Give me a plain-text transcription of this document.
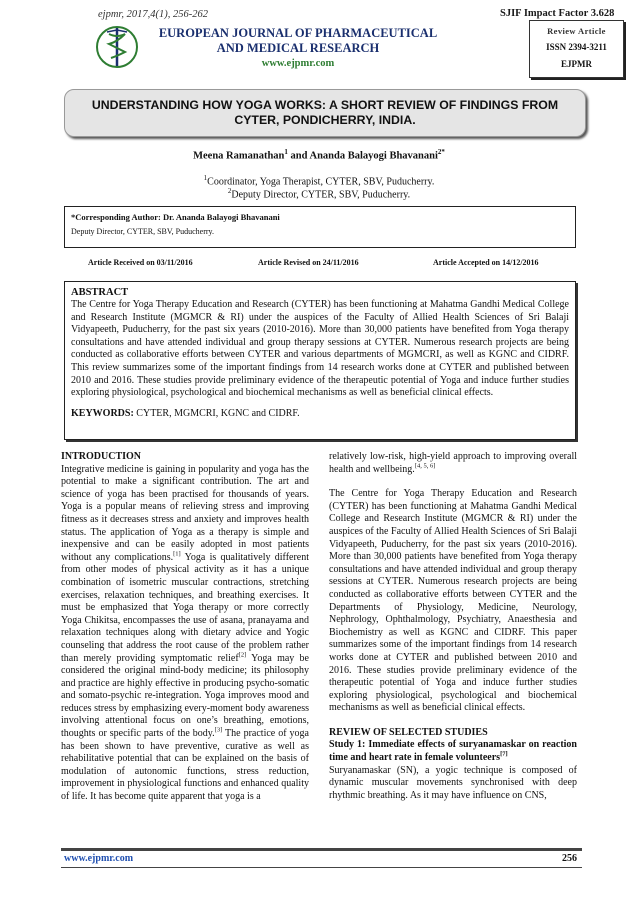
ejpmr, 2017,4(1), 256-262	SJIF Impact Factor 3.628
EUROPEAN JOURNAL OF PHARMACEUTICAL
AND MEDICAL RESEARCH
www.ejpmr.com
Review Article
ISSN 2394-3211
EJPMR
UNDERSTANDING HOW YOGA WORKS: A SHORT REVIEW OF FINDINGS FROM
CYTER, PONDICHERRY, INDIA.
Meena Ramanathan$^1$ and Ananda Balayogi Bhavanani$^{2*}$
$^1$Coordinator, Yoga Therapist, CYTER, SBV, Puducherry.
$^2$Deputy Director, CYTER, SBV, Puducherry.
*Corresponding Author: Dr. Ananda Balayogi Bhavanani
Deputy Director, CYTER, SBV, Puducherry.
Article Received on 03/11/2016	Article Revised on 24/11/2016	Article Accepted on 14/12/2016
ABSTRACT
The Centre for Yoga Therapy Education and Research (CYTER) has been functioning at Mahatma Gandhi Medical College and Research Institute (MGMCR & RI) under the auspices of the Faculty of Allied Health Sciences of Sri Balaji Vidyapeeth, Puducherry, for the past six years (2010-2016). More than 30,000 patients have benefited from Yoga therapy consultations and have attended individual and group therapy sessions at CYTER. Numerous research projects are being conducted as collaborative efforts between CYTER and various departments of MGMCRI, as well as KGNC and CIDRF. This review summarizes some of the important findings from 14 research works done at CYTER and published between 2010 and 2016. These studies provide preliminary evidence of the therapeutic potential of Yoga and induce further studies exploring physiological, psychological and biochemical mechanisms as well as beneficial clinical effects.
KEYWORDS: CYTER, MGMCRI, KGNC and CIDRF.
INTRODUCTION

Integrative medicine is gaining in popularity and yoga has the potential to make a significant contribution. The art and science of yoga has been practised for thousands of years. Yoga is a popular means of relieving stress and improving fitness as it decreases stress and anxiety and improves health status. The application of Yoga as a therapy is simple and inexpensive and can be easily adopted in most patients without any complications.[1] Yoga is qualitatively different from other modes of physical activity as it has a unique combination of isometric muscular contractions, stretching exercises, relaxation techniques, and breathing exercises. It must be emphasized that Yoga therapy or more correctly Yoga Chikitsa, encompasses the use of asana, pranayama and relaxation techniques along with dietary advice and Yogic counseling that address the root cause of the problem rather than merely providing symptomatic relief[2] Yoga may be considered the original mind-body medicine; its philosophy and practice are highly effective in producing psycho-somatic and somato-psychic re-integration. Yoga improves mood and reduces stress by emphasizing every-moment body awareness involving attentional focus on one’s breathing, emotions, thoughts or specific parts of the body.[3] The practice of yoga has been shown to have preventive, curative as well as rehabilitative potential that can be explained on the basis of modulation of autonomic functions, stress reduction, improvement in physiological functions and enhanced quality of life. It has become quite apparent that yoga is a

relatively low-risk, high-yield approach to improving overall health and wellbeing.[4, 5, 6]

The Centre for Yoga Therapy Education and Research (CYTER) has been functioning at Mahatma Gandhi Medical College and Research Institute (MGMCR & RI) under the auspices of the Faculty of Allied Health Sciences of Sri Balaji Vidyapeeth, Puducherry, for the past six years (2010-2016). More than 30,000 patients have benefited from Yoga therapy consultations and have attended individual and group therapy sessions at CYTER. Numerous research projects are being conducted as collaborative efforts between CYTER and the Departments of Physiology, Medicine, Neurology, Nephrology, Ophthalmology, Psychiatry, Anaesthesia and Biochemistry as well as KGNC and CIDRF. This paper summarizes some of the important findings from 14 research works done at CYTER and published between 2010 and 2016. These studies provide preliminary evidence of the therapeutic potential of Yoga and induce further studies exploring physiological, psychological and biochemical mechanisms as well as beneficial clinical effects.

REVIEW OF SELECTED STUDIES
Study 1: Immediate effects of suryanamaskar on reaction time and heart rate in female volunteers[7]

Suryanamaskar (SN), a yogic technique is composed of dynamic muscular movements synchronised with deep rhythmic breathing. As it may have influence on CNS,

www.ejpmr.com	256
